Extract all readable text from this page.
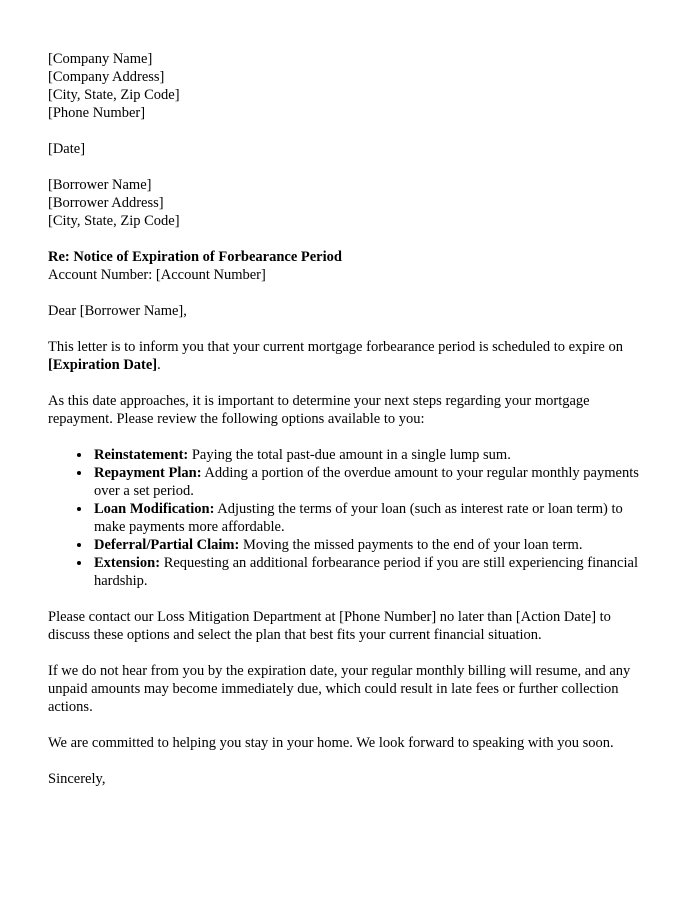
[Company Name]
[Company Address]
[City, State, Zip Code]
[Phone Number]
[Date]
[Borrower Name]
[Borrower Address]
[City, State, Zip Code]
Re: Notice of Expiration of Forbearance Period
Account Number: [Account Number]

Dear [Borrower Name],

This letter is to inform you that your current mortgage forbearance period is scheduled to expire on [Expiration Date].

As this date approaches, it is important to determine your next steps regarding your mortgage repayment. Please review the following options available to you:

• Reinstatement: Paying the total past-due amount in a single lump sum.
• Repayment Plan: Adding a portion of the overdue amount to your regular monthly payments over a set period.
• Loan Modification: Adjusting the terms of your loan (such as interest rate or loan term) to make payments more affordable.
• Deferral/Partial Claim: Moving the missed payments to the end of your loan term.
• Extension: Requesting an additional forbearance period if you are still experiencing financial hardship.

Please contact our Loss Mitigation Department at [Phone Number] no later than [Action Date] to discuss these options and select the plan that best fits your current financial situation.

If we do not hear from you by the expiration date, your regular monthly billing will resume, and any unpaid amounts may become immediately due, which could result in late fees or further collection actions.

We are committed to helping you stay in your home. We look forward to speaking with you soon.

Sincerely,
